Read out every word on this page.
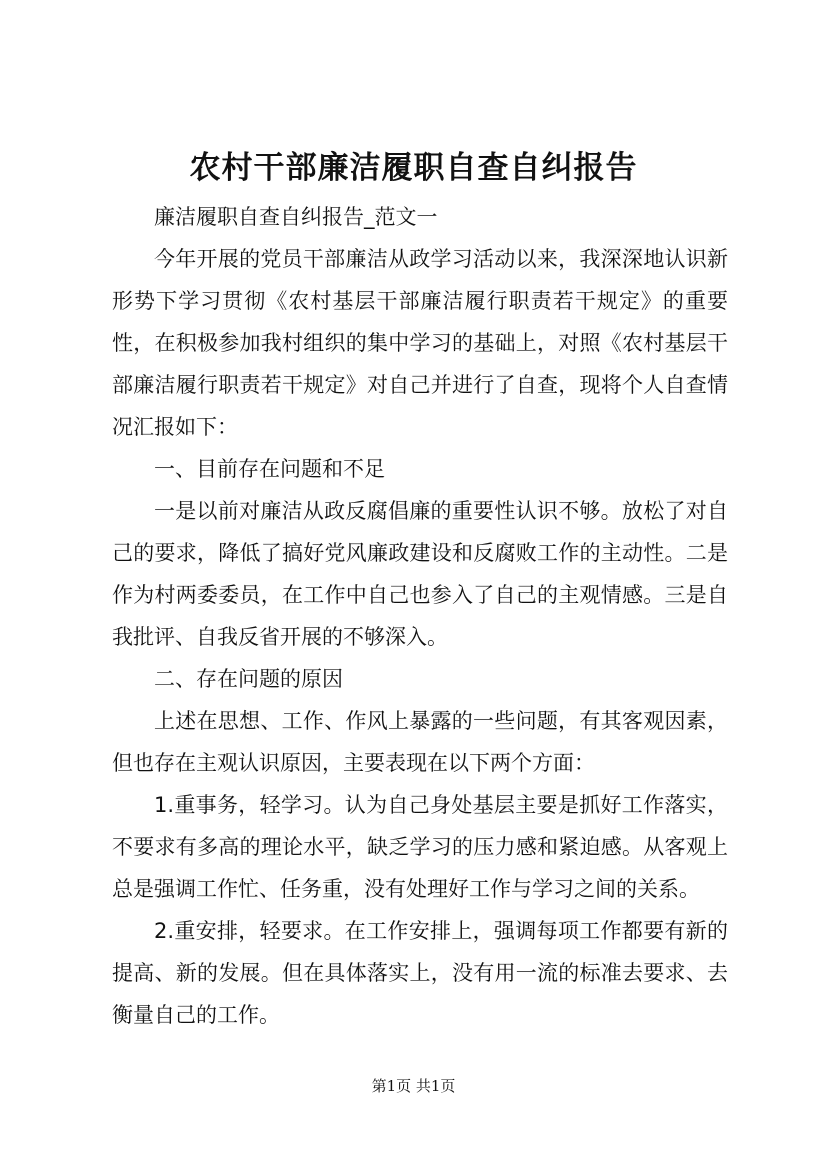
农村干部廉洁履职自查自纠报告

廉洁履职自查自纠报告_范文一

今年开展的党员干部廉洁从政学习活动以来，我深深地认识新形势下学习贯彻《农村基层干部廉洁履行职责若干规定》的重要性，在积极参加我村组织的集中学习的基础上，对照《农村基层干部廉洁履行职责若干规定》对自己并进行了自查，现将个人自查情况汇报如下：

一、目前存在问题和不足

一是以前对廉洁从政反腐倡廉的重要性认识不够。放松了对自己的要求，降低了搞好党风廉政建设和反腐败工作的主动性。二是作为村两委委员，在工作中自己也参入了自己的主观情感。三是自我批评、自我反省开展的不够深入。

二、存在问题的原因

上述在思想、工作、作风上暴露的一些问题，有其客观因素，但也存在主观认识原因，主要表现在以下两个方面：

1.重事务，轻学习。认为自己身处基层主要是抓好工作落实，不要求有多高的理论水平，缺乏学习的压力感和紧迫感。从客观上总是强调工作忙、任务重，没有处理好工作与学习之间的关系。

2.重安排，轻要求。在工作安排上，强调每项工作都要有新的提高、新的发展。但在具体落实上，没有用一流的标准去要求、去衡量自己的工作。

第1页 共1页
